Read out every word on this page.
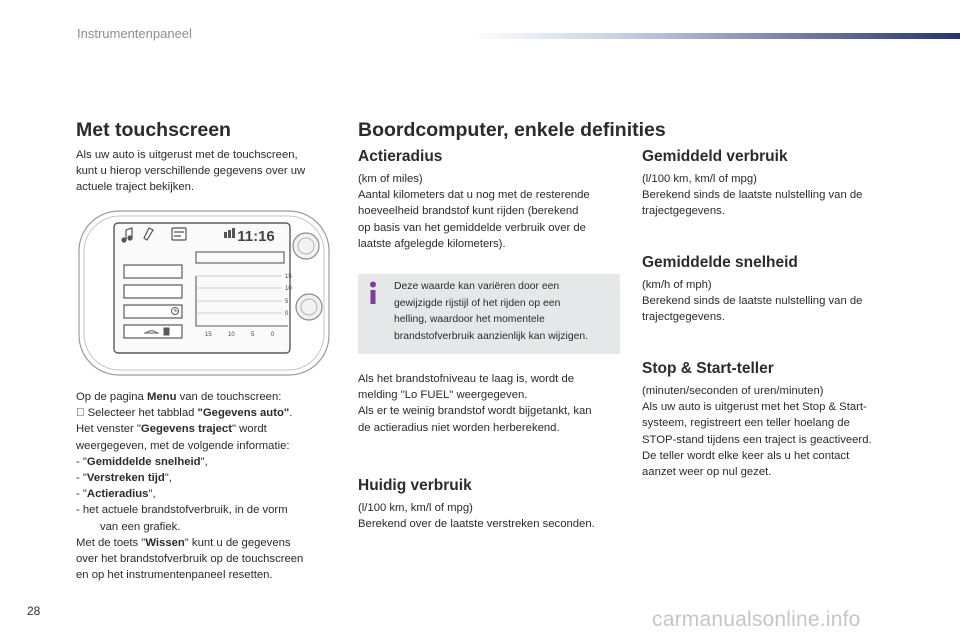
Instrumentenpaneel
Met touchscreen
Als uw auto is uitgerust met de touchscreen,
kunt u hierop verschillende gegevens over uw
actuele traject bekijken.
11:16
15
10
5
0
15	10	5	0
Op de pagina Menu van de touchscreen:
Selecteer het tabblad "Gegevens auto".
Het venster "Gegevens traject" wordt
weergegeven, met de volgende informatie:
- "Gemiddelde snelheid",
- "Verstreken tijd",
- "Actieradius",
- het actuele brandstofverbruik, in de vorm
van een grafiek.
Met de toets "Wissen" kunt u de gegevens
over het brandstofverbruik op de touchscreen
en op het instrumentenpaneel resetten.
Boordcomputer, enkele definities
Actieradius
(km of miles)
Aantal kilometers dat u nog met de resterende
hoeveelheid brandstof kunt rijden (berekend
op basis van het gemiddelde verbruik over de
laatste afgelegde kilometers).
Deze waarde kan variëren door een
gewijzigde rijstijl of het rijden op een
helling, waardoor het momentele
brandstofverbruik aanzienlijk kan wijzigen.
Als het brandstofniveau te laag is, wordt de
melding "Lo FUEL" weergegeven.
Als er te weinig brandstof wordt bijgetankt, kan
de actieradius niet worden herberekend.
Huidig verbruik
(l/100 km, km/l of mpg)
Berekend over de laatste verstreken seconden.
Gemiddeld verbruik
(l/100 km, km/l of mpg)
Berekend sinds de laatste nulstelling van de
trajectgegevens.
Gemiddelde snelheid
(km/h of mph)
Berekend sinds de laatste nulstelling van de
trajectgegevens.
Stop & Start-teller
(minuten/seconden of uren/minuten)
Als uw auto is uitgerust met het Stop & Start-
systeem, registreert een teller hoelang de
STOP-stand tijdens een traject is geactiveerd.
De teller wordt elke keer als u het contact
aanzet weer op nul gezet.
28	carmanualsonline.info
